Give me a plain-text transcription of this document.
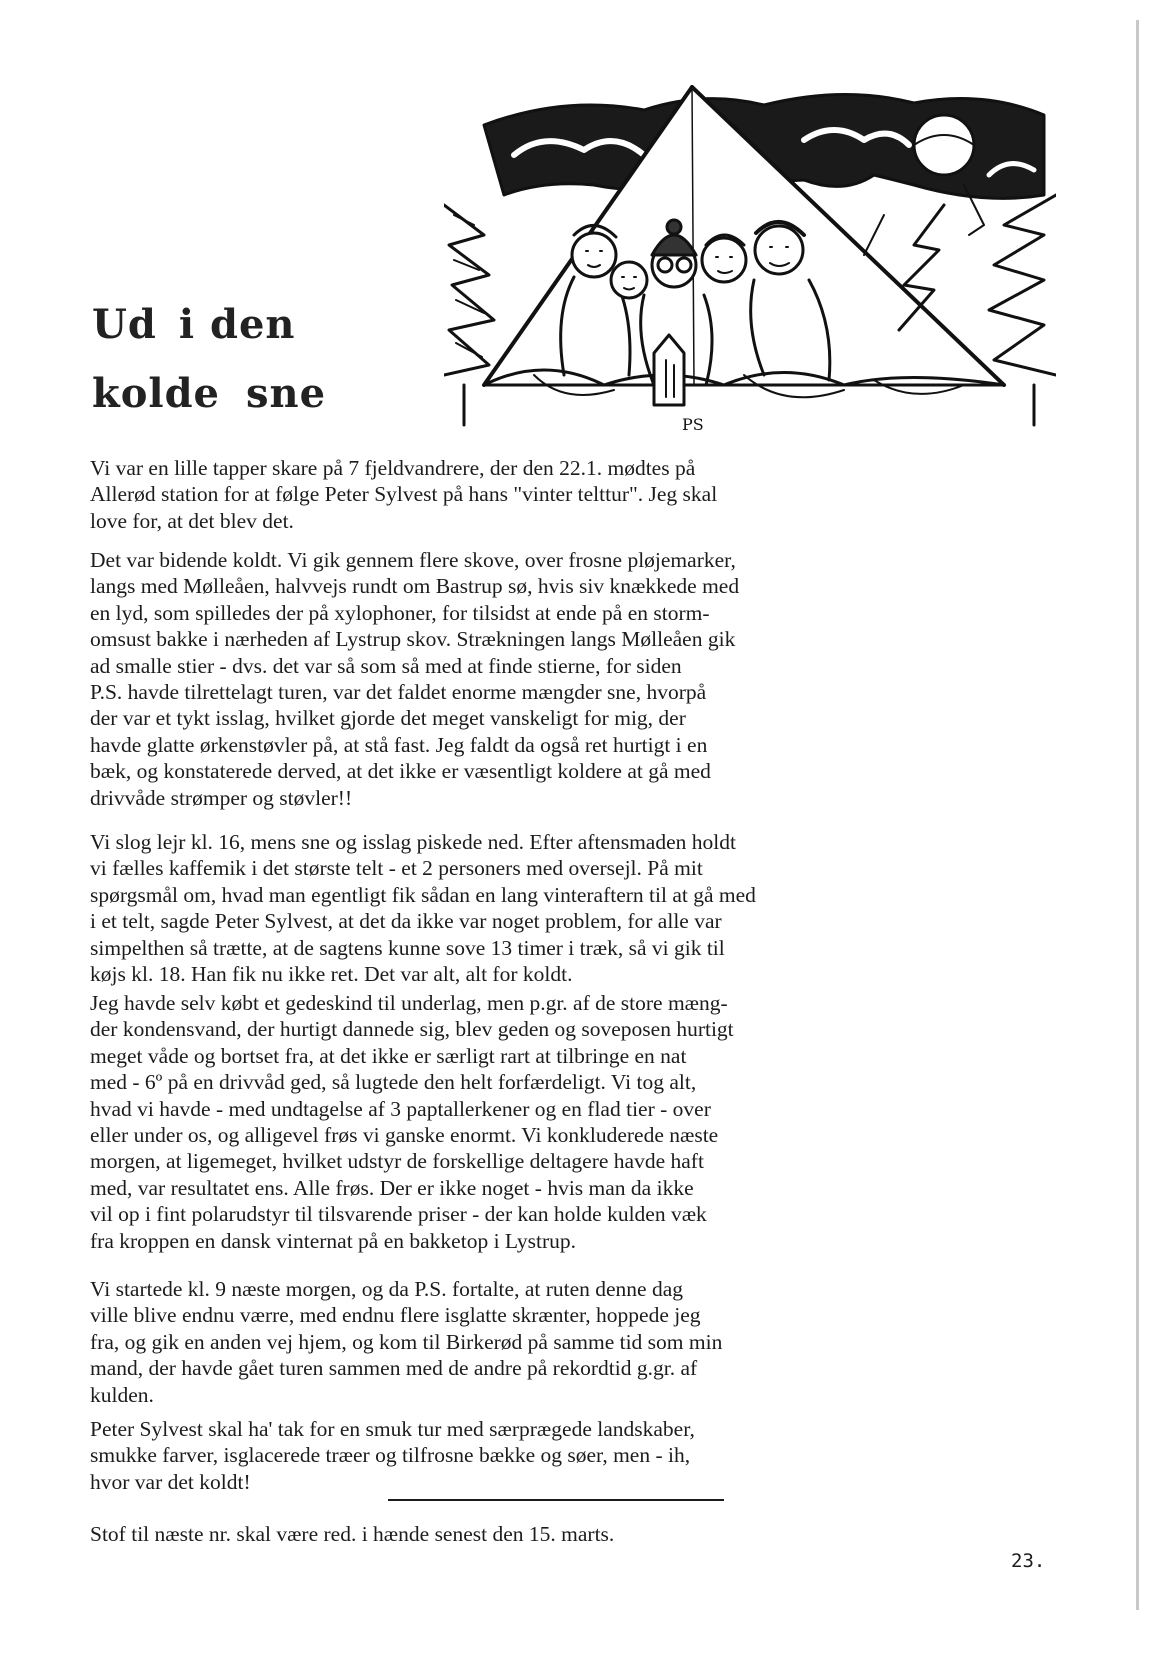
Ud i den
kolde sne
PS
Vi var en lille tapper skare på 7 fjeldvandrere, der den 22.1. mødtes på
Allerød station for at følge Peter Sylvest på hans "vinter telttur". Jeg skal
love for, at det blev det.
Det var bidende koldt. Vi gik gennem flere skove, over frosne pløjemarker,
langs med Mølleåen, halvvejs rundt om Bastrup sø, hvis siv knækkede med
en lyd, som spilledes der på xylophoner, for tilsidst at ende på en storm-
omsust bakke i nærheden af Lystrup skov. Strækningen langs Mølleåen gik
ad smalle stier - dvs. det var så som så med at finde stierne, for siden
P.S. havde tilrettelagt turen, var det faldet enorme mængder sne, hvorpå
der var et tykt isslag, hvilket gjorde det meget vanskeligt for mig, der
havde glatte ørkenstøvler på, at stå fast. Jeg faldt da også ret hurtigt i en
bæk, og konstaterede derved, at det ikke er væsentligt koldere at gå med
drivvåde strømper og støvler!!
Vi slog lejr kl. 16, mens sne og isslag piskede ned. Efter aftensmaden holdt
vi fælles kaffemik i det største telt - et 2 personers med oversejl. På mit
spørgsmål om, hvad man egentligt fik sådan en lang vinteraftern til at gå med
i et telt, sagde Peter Sylvest, at det da ikke var noget problem, for alle var
simpelthen så trætte, at de sagtens kunne sove 13 timer i træk, så vi gik til
køjs kl. 18. Han fik nu ikke ret. Det var alt, alt for koldt.
Jeg havde selv købt et gedeskind til underlag, men p.gr. af de store mæng-
der kondensvand, der hurtigt dannede sig, blev geden og soveposen hurtigt
meget våde og bortset fra, at det ikke er særligt rart at tilbringe en nat
med - 6º på en drivvåd ged, så lugtede den helt forfærdeligt. Vi tog alt,
hvad vi havde - med undtagelse af 3 paptallerkener og en flad tier - over
eller under os, og alligevel frøs vi ganske enormt. Vi konkluderede næste
morgen, at ligemeget, hvilket udstyr de forskellige deltagere havde haft
med, var resultatet ens. Alle frøs. Der er ikke noget - hvis man da ikke
vil op i fint polarudstyr til tilsvarende priser - der kan holde kulden væk
fra kroppen en dansk vinternat på en bakketop i Lystrup.
Vi startede kl. 9 næste morgen, og da P.S. fortalte, at ruten denne dag
ville blive endnu værre, med endnu flere isglatte skrænter, hoppede jeg
fra, og gik en anden vej hjem, og kom til Birkerød på samme tid som min
mand, der havde gået turen sammen med de andre på rekordtid g.gr. af
kulden.
Peter Sylvest skal ha' tak for en smuk tur med særprægede landskaber,
smukke farver, isglacerede træer og tilfrosne bække og søer, men - ih,
hvor var det koldt!
Stof til næste nr. skal være red. i hænde senest den 15. marts.
23.
